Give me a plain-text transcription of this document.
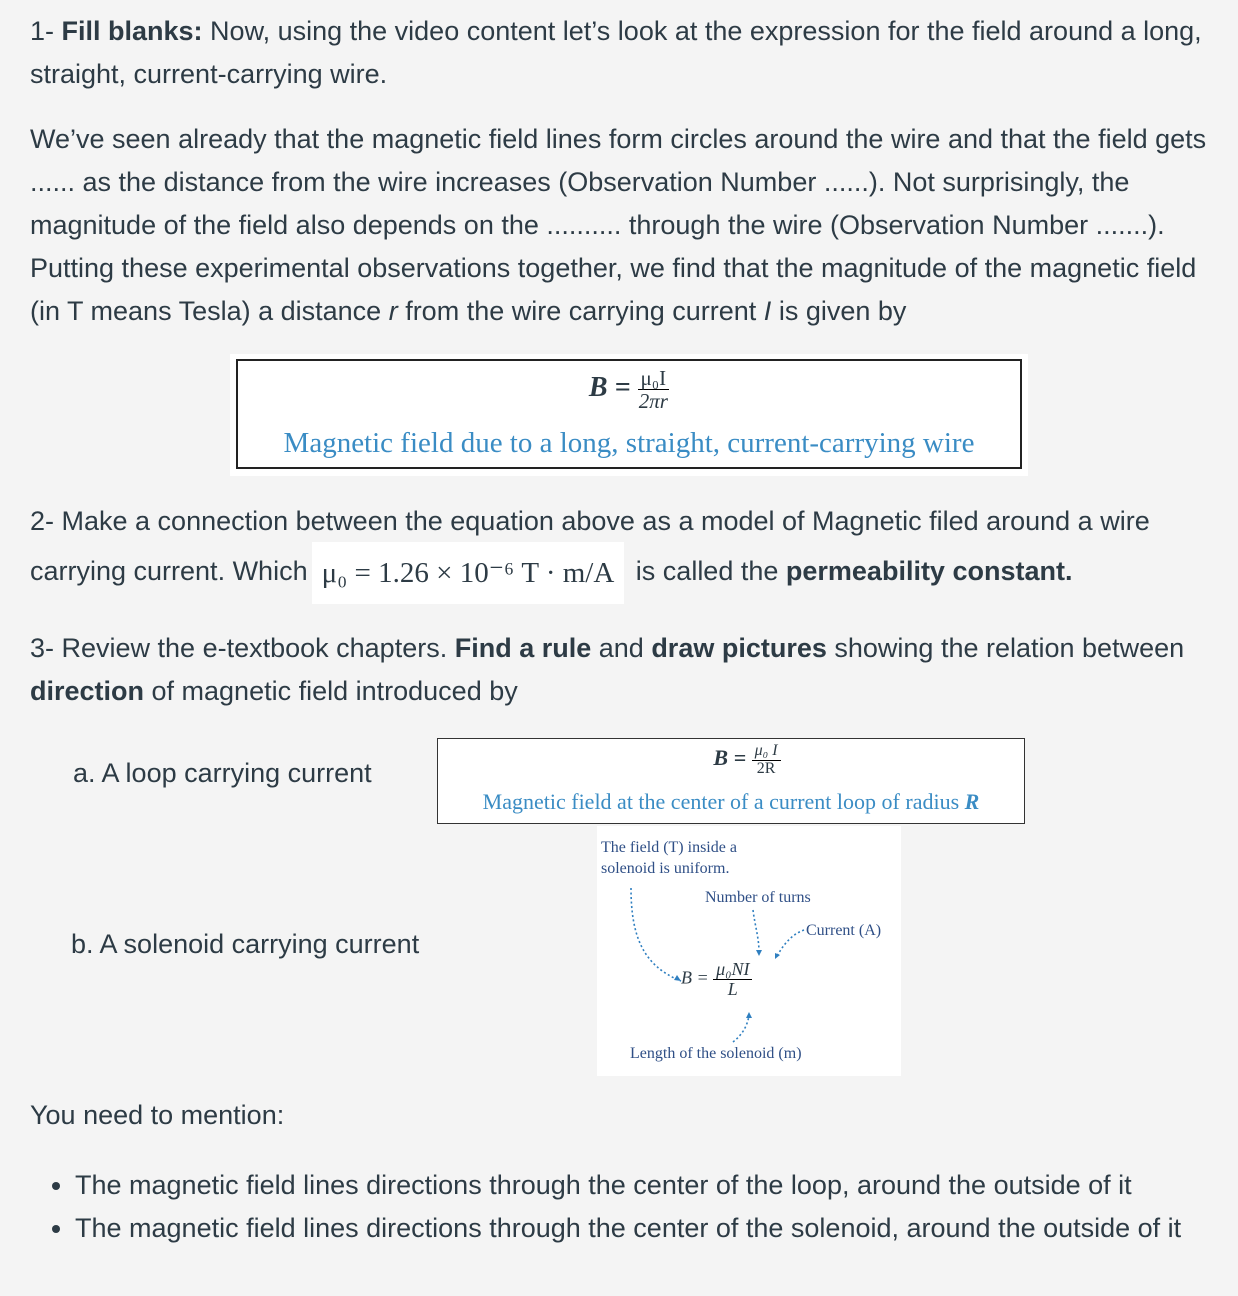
1- Fill blanks: Now, using the video content let’s look at the expression for the field around a long, straight, current-carrying wire.

We’ve seen already that the magnetic field lines form circles around the wire and that the field gets ...... as the distance from the wire increases (Observation Number ......). Not surprisingly, the magnitude of the field also depends on the .......... through the wire (Observation Number .......). Putting these experimental observations together, we find that the magnitude of the magnetic field (in T means Tesla) a distance r from the wire carrying current I is given by

$B = \frac{\text{μ₀I}}{2\pi r}$
Magnetic field due to a long, straight, current-carrying wire

2- Make a connection between the equation above as a model of Magnetic filed around a wire

carrying current. Which μ₀ = 1.26 × 10⁻⁶ T · m/A is called the permeability constant.

3- Review the e-textbook chapters. Find a rule and draw pictures showing the relation between direction of magnetic field introduced by

a. A loop carrying current
b. A solenoid carrying current
$B = \frac{\text{μ₀ I}}{2R}$
Magnetic field at the center of a current loop of radius R
The field (T) inside a
solenoid is uniform.
Number of turns
Current (A)
Length of the solenoid (m)
$B = \frac{\text{μ₀NI}}{L}$
You need to mention:
• The magnetic field lines directions through the center of the loop, around the outside of it
• The magnetic field lines directions through the center of the solenoid, around the outside of it
